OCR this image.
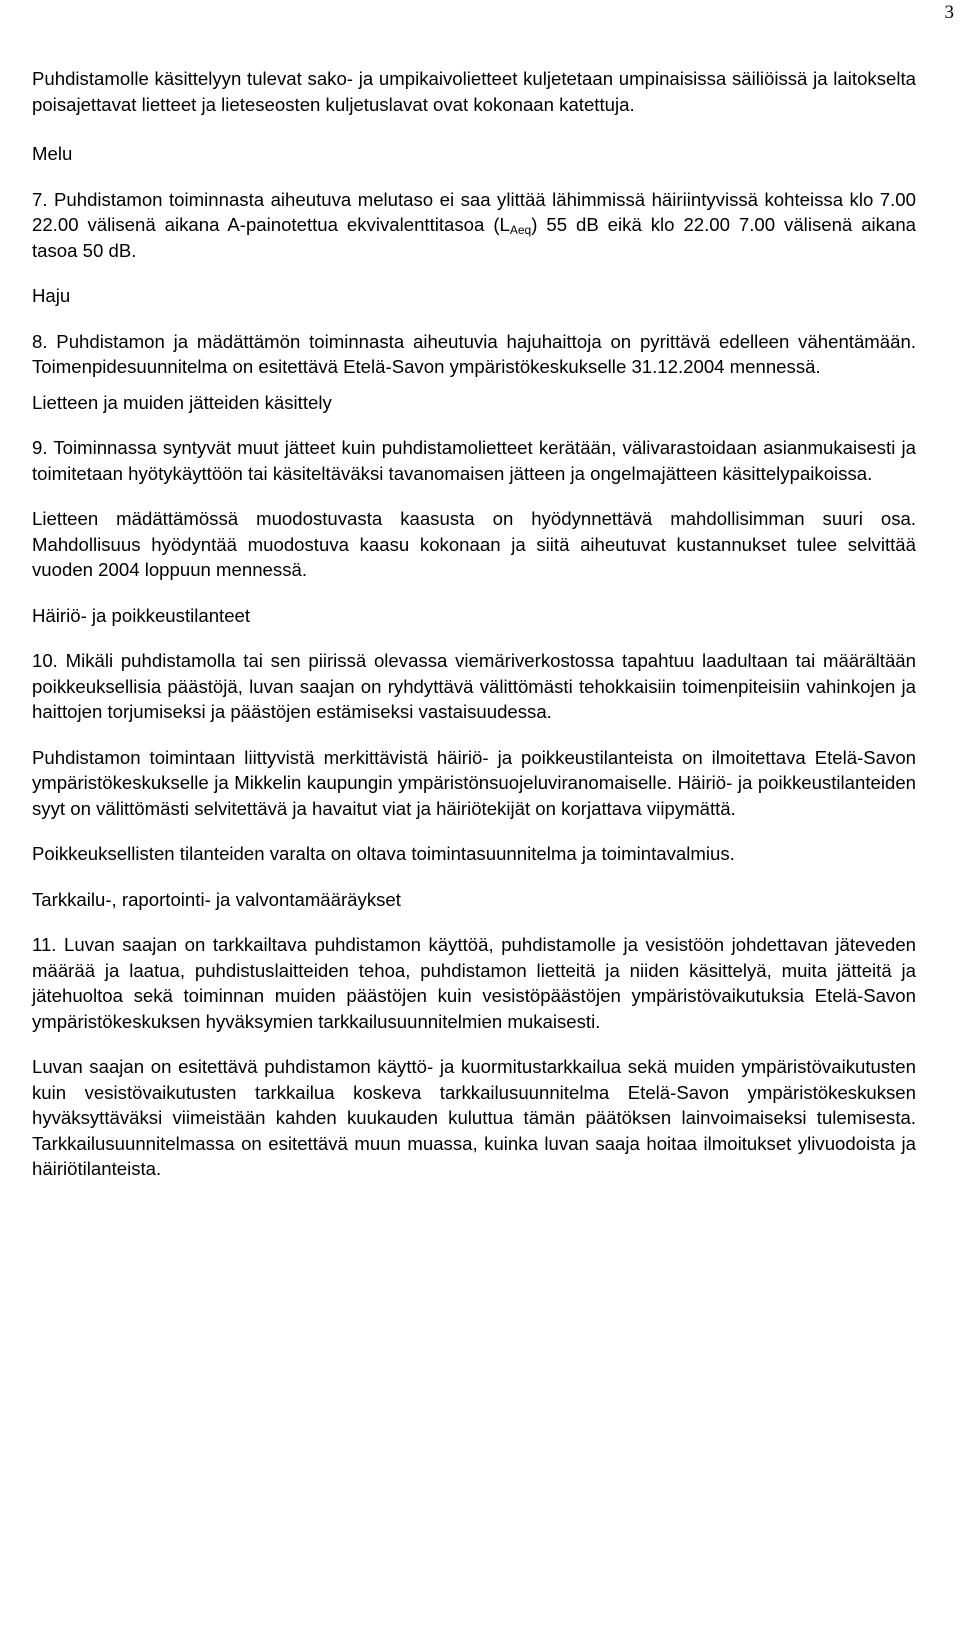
3

Puhdistamolle käsittelyyn tulevat sako- ja umpikaivolietteet kuljetetaan umpinaisissa säiliöissä ja laitokselta poisajettavat lietteet ja lieteseosten kuljetuslavat ovat kokonaan katettuja.

Melu

7. Puhdistamon toiminnasta aiheutuva melutaso ei saa ylittää lähimmissä häiriintyvissä kohteissa klo 7.00 22.00 välisenä aikana A-painotettua ekvivalenttitasoa $(L_{Aeq})$ 55 dB eikä klo 22.00 7.00 välisenä aikana tasoa 50 dB.

Haju

8. Puhdistamon ja mädättämön toiminnasta aiheutuvia hajuhaittoja on pyrittävä edelleen vähentämään. Toimenpidesuunnitelma on esitettävä Etelä-Savon ympäristökeskukselle 31.12.2004 mennessä.

Lietteen ja muiden jätteiden käsittely

9. Toiminnassa syntyvät muut jätteet kuin puhdistamolietteet kerätään, välivarastoidaan asianmukaisesti ja toimitetaan hyötykäyttöön tai käsiteltäväksi tavanomaisen jätteen ja ongelmajätteen käsittelypaikoissa.

Lietteen mädättämössä muodostuvasta kaasusta on hyödynnettävä mahdollisimman suuri osa. Mahdollisuus hyödyntää muodostuva kaasu kokonaan ja siitä aiheutuvat kustannukset tulee selvittää vuoden 2004 loppuun mennessä.

Häiriö- ja poikkeustilanteet

10. Mikäli puhdistamolla tai sen piirissä olevassa viemäriverkostossa tapahtuu laadultaan tai määrältään poikkeuksellisia päästöjä, luvan saajan on ryhdyttävä välittömästi tehokkaisiin toimenpiteisiin vahinkojen ja haittojen torjumiseksi ja päästöjen estämiseksi vastaisuudessa.

Puhdistamon toimintaan liittyvistä merkittävistä häiriö- ja poikkeustilanteista on ilmoitettava Etelä-Savon ympäristökeskukselle ja Mikkelin kaupungin ympäristönsuojeluviranomaiselle. Häiriö- ja poikkeustilanteiden syyt on välittömästi selvitettävä ja havaitut viat ja häiriötekijät on korjattava viipymättä.

Poikkeuksellisten tilanteiden varalta on oltava toimintasuunnitelma ja toimintavalmius.

Tarkkailu-, raportointi- ja valvontamääräykset

11. Luvan saajan on tarkkailtava puhdistamon käyttöä, puhdistamolle ja vesistöön johdettavan jäteveden määrää ja laatua, puhdistuslaitteiden tehoa, puhdistamon lietteitä ja niiden käsittelyä, muita jätteitä ja jätehuoltoa sekä toiminnan muiden päästöjen kuin vesistöpäästöjen ympäristövaikutuksia Etelä-Savon ympäristökeskuksen hyväksymien tarkkailusuunnitelmien mukaisesti.

Luvan saajan on esitettävä puhdistamon käyttö- ja kuormitustarkkailua sekä muiden ympäristövaikutusten kuin vesistövaikutusten tarkkailua koskeva tarkkailusuunnitelma Etelä-Savon ympäristökeskuksen hyväksyttäväksi viimeistään kahden kuukauden kuluttua tämän päätöksen lainvoimaiseksi tulemisesta. Tarkkailusuunnitelmassa on esitettävä muun muassa, kuinka luvan saaja hoitaa ilmoitukset ylivuodoista ja häiriötilanteista.
